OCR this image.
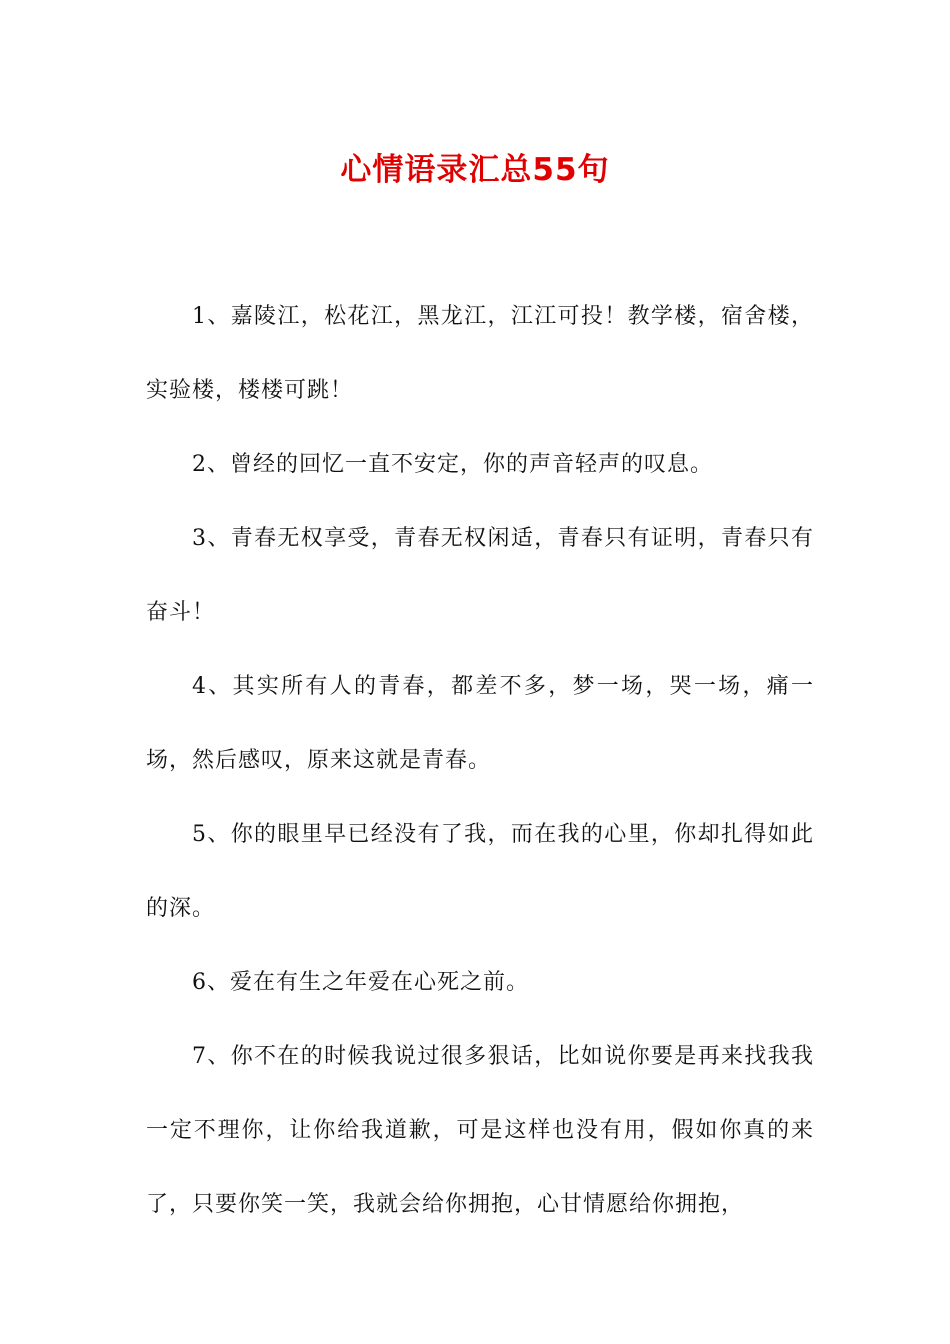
心情语录汇总55句

1、嘉陵江，松花江，黑龙江，江江可投！教学楼，宿舍楼，实验楼，楼楼可跳！

2、曾经的回忆一直不安定，你的声音轻声的叹息。

3、青春无权享受，青春无权闲适，青春只有证明，青春只有奋斗！

4、其实所有人的青春，都差不多，梦一场，哭一场，痛一场，然后感叹，原来这就是青春。

5、你的眼里早已经没有了我，而在我的心里，你却扎得如此的深。

6、爱在有生之年爱在心死之前。

7、你不在的时候我说过很多狠话，比如说你要是再来找我我一定不理你，让你给我道歉，可是这样也没有用，假如你真的来了，只要你笑一笑，我就会给你拥抱，心甘情愿给你拥抱，
